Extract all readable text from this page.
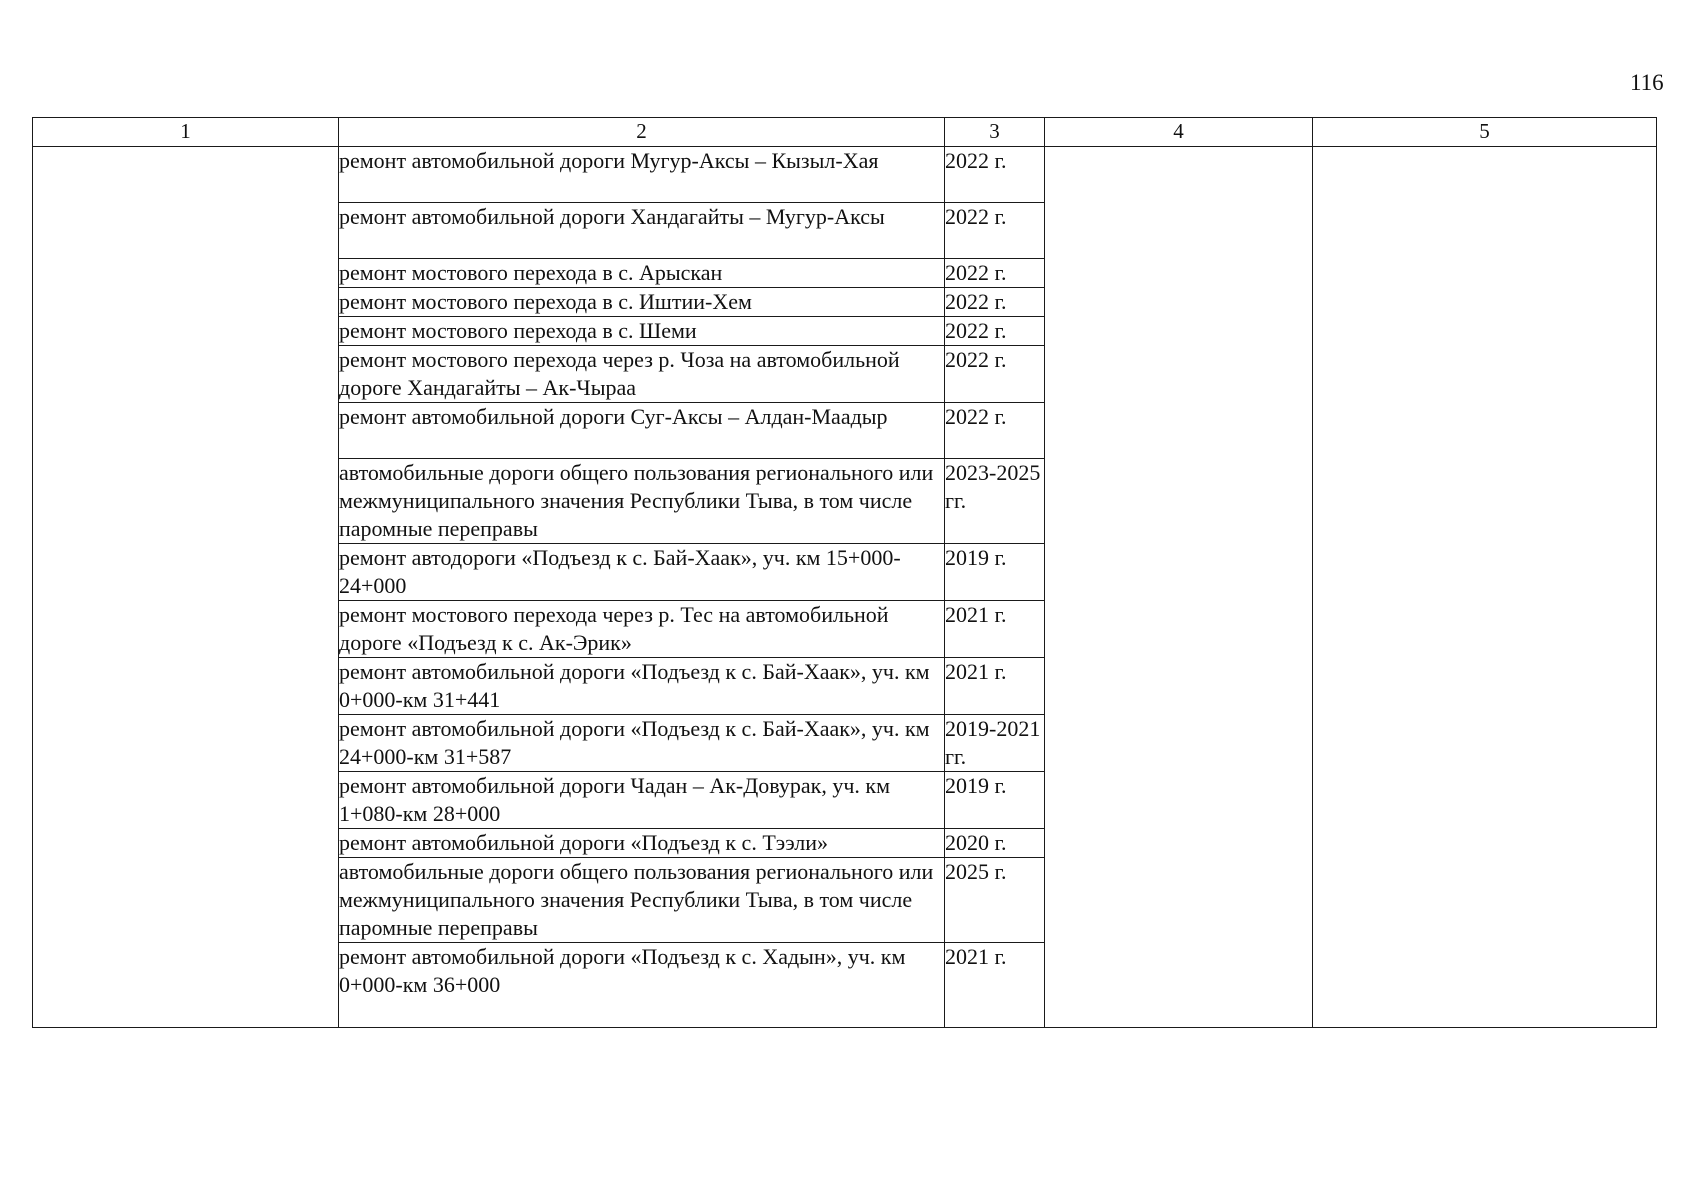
116
1	2	3	4	5
	ремонт автомобильной дороги Мугур-Аксы – Кызыл-Хая	2022 г.		
	ремонт автомобильной дороги Хандагайты – Мугур-Аксы	2022 г.		
	ремонт мостового перехода в с. Арыскан	2022 г.		
	ремонт мостового перехода в с. Иштии-Хем	2022 г.		
	ремонт мостового перехода в с. Шеми	2022 г.		
	ремонт мостового перехода через р. Чоза на автомобильной дороге Хандагайты – Ак-Чыраа	2022 г.		
	ремонт автомобильной дороги Суг-Аксы – Алдан-Маадыр	2022 г.		
	автомобильные дороги общего пользования регионального или межмуниципального значения Республики Тыва, в том числе паромные переправы	2023-2025 гг.		
	ремонт автодороги «Подъезд к с. Бай-Хаак», уч. км 15+000-24+000	2019 г.		
	ремонт мостового перехода через р. Тес на автомобильной дороге «Подъезд к с. Ак-Эрик»	2021 г.		
	ремонт автомобильной дороги «Подъезд к с. Бай-Хаак», уч. км 0+000-км 31+441	2021 г.		
	ремонт автомобильной дороги «Подъезд к с. Бай-Хаак», уч. км 24+000-км 31+587	2019-2021 гг.		
	ремонт автомобильной дороги Чадан – Ак-Довурак, уч. км 1+080-км 28+000	2019 г.		
	ремонт автомобильной дороги «Подъезд к с. Тээли»	2020 г.		
	автомобильные дороги общего пользования регионального или межмуниципального значения Республики Тыва, в том числе паромные переправы	2025 г.		
	ремонт автомобильной дороги «Подъезд к с. Хадын», уч. км 0+000-км 36+000	2021 г.		
